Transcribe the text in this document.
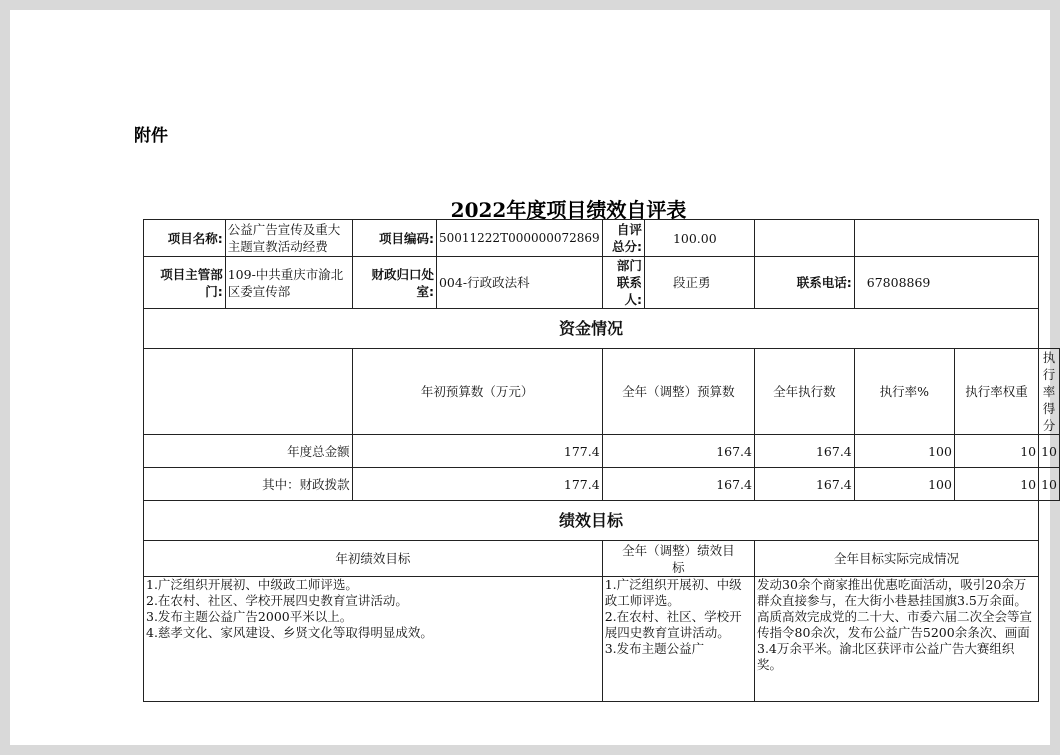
附件
2022年度项目绩效自评表
项目名称:	公益广告宣传及重大主题宣教活动经费	项目编码:	50011222T000000072869	自评总分:	100.00				
项目主管部门:	109-中共重庆市渝北区委宣传部	财政归口处室:	004-行政政法科	部门联系人:	段正勇	联系电话:	67808869		
资金情况									
		年初预算数（万元）		全年（调整）预算数		全年执行数	执行率%	执行率权重	执行率得分
年度总金额		177.4		167.4		167.4	100	10	10
其中：财政拨款		177.4		167.4		167.4	100	10	10
绩效目标									
年初绩效目标				全年（调整）绩效目标		全年目标实际完成情况			

1.广泛组织开展初、中级政工师评选。
2.在农村、社区、学校开展四史教育宣讲活动。
3.发布主题公益广告2000平米以上。
4.慈孝文化、家风建设、乡贤文化等取得明显成效。				1.广泛组织开展初、中级政工师评选。
2.在农村、社区、学校开展四史教育宣讲活动。
3.发布主题公益广		发动30余个商家推出优惠吃面活动，吸引20余万群众直接参与，在大街小巷悬挂国旗3.5万余面。高质高效完成党的二十大、市委六届二次全会等宣传指令80余次，发布公益广告5200余条次、画面3.4万余平米。渝北区获评市公益广告大赛组织奖。			
